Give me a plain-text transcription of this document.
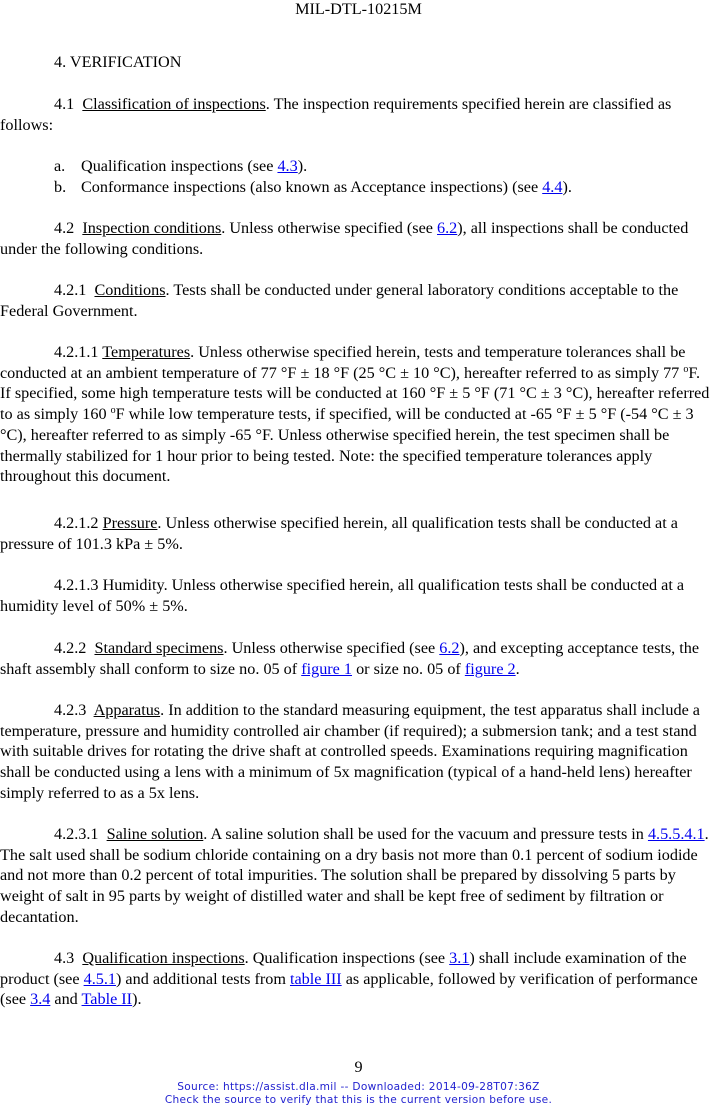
MIL-DTL-10215M
4. VERIFICATION

4.1 Classification of inspections. The inspection requirements specified herein are classified as follows:

a. Qualification inspections (see 4.3).
b. Conformance inspections (also known as Acceptance inspections) (see 4.4).

4.2 Inspection conditions. Unless otherwise specified (see 6.2), all inspections shall be conducted under the following conditions.

4.2.1 Conditions. Tests shall be conducted under general laboratory conditions acceptable to the Federal Government.

4.2.1.1 Temperatures. Unless otherwise specified herein, tests and temperature tolerances shall be conducted at an ambient temperature of 77 °F ± 18 °F (25 °C ± 10 °C), hereafter referred to as simply 77 $^o$F. If specified, some high temperature tests will be conducted at 160 °F ± 5 °F (71 °C ± 3 °C), hereafter referred to as simply 160 $^o$F while low temperature tests, if specified, will be conducted at -65 °F ± 5 °F (-54 °C ± 3 °C), hereafter referred to as simply -65 °F. Unless otherwise specified herein, the test specimen shall be thermally stabilized for 1 hour prior to being tested. Note: the specified temperature tolerances apply throughout this document.

4.2.1.2 Pressure. Unless otherwise specified herein, all qualification tests shall be conducted at a pressure of 101.3 kPa ± 5%.

4.2.1.3 Humidity. Unless otherwise specified herein, all qualification tests shall be conducted at a humidity level of 50% ± 5%.

4.2.2 Standard specimens. Unless otherwise specified (see 6.2), and excepting acceptance tests, the shaft assembly shall conform to size no. 05 of figure 1 or size no. 05 of figure 2.

4.2.3 Apparatus. In addition to the standard measuring equipment, the test apparatus shall include a temperature, pressure and humidity controlled air chamber (if required); a submersion tank; and a test stand with suitable drives for rotating the drive shaft at controlled speeds. Examinations requiring magnification shall be conducted using a lens with a minimum of 5x magnification (typical of a hand-held lens) hereafter simply referred to as a 5x lens.

4.2.3.1 Saline solution. A saline solution shall be used for the vacuum and pressure tests in 4.5.5.4.1. The salt used shall be sodium chloride containing on a dry basis not more than 0.1 percent of sodium iodide and not more than 0.2 percent of total impurities. The solution shall be prepared by dissolving 5 parts by weight of salt in 95 parts by weight of distilled water and shall be kept free of sediment by filtration or decantation.

4.3 Qualification inspections. Qualification inspections (see 3.1) shall include examination of the product (see 4.5.1) and additional tests from table III as applicable, followed by verification of performance (see 3.4 and Table II).

9
Source: https://assist.dla.mil -- Downloaded: 2014-09-28T07:36Z
Check the source to verify that this is the current version before use.
